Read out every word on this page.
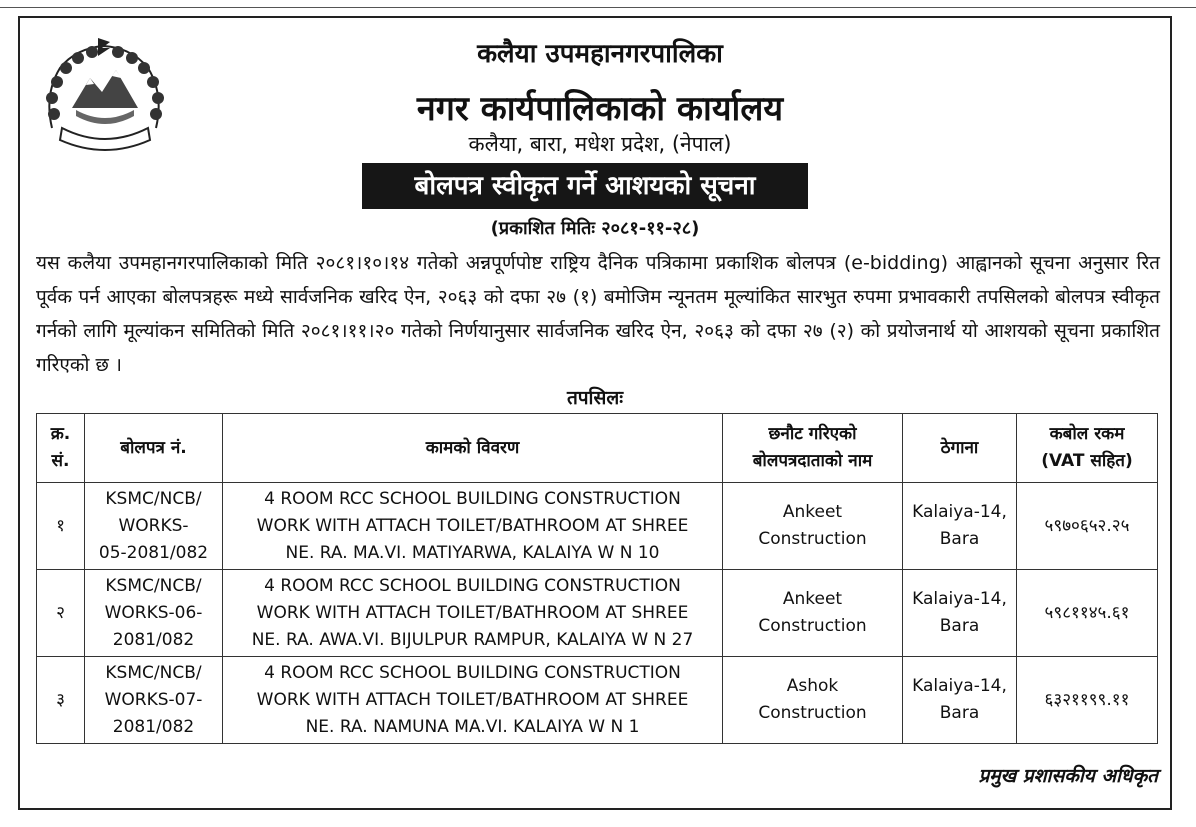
कलैया उपमहानगरपालिका
नगर कार्यपालिकाको कार्यालय
कलैया, बारा, मधेश प्रदेश, (नेपाल)
बोलपत्र स्वीकृत गर्ने आशयको सूचना
(प्रकाशित मितिः २०८१-११-२८)
यस कलैया उपमहानगरपालिकाको मिति २०८१।१०।१४ गतेको अन्नपूर्णपोष्ट राष्ट्रिय दैनिक पत्रिकामा प्रकाशिक बोलपत्र (e-bidding) आह्वानको सूचना अनुसार रित पूर्वक पर्न आएका बोलपत्रहरू मध्ये सार्वजनिक खरिद ऐन, २०६३ को दफा २७ (१) बमोजिम न्यूनतम मूल्यांकित सारभुत रुपमा प्रभावकारी तपसिलको बोलपत्र स्वीकृत गर्नको लागि मूल्यांकन समितिको मिति २०८१।११।२० गतेको निर्णयानुसार सार्वजनिक खरिद ऐन, २०६३ को दफा २७ (२) को प्रयोजनार्थ यो आशयको सूचना प्रकाशित गरिएको छ ।
तपसिलः
क्र.
सं.	बोलपत्र नं.	कामको विवरण	छनौट गरिएको
बोलपत्रदाताको नाम	ठेगाना	कबोल रकम
(VAT सहित)
१	KSMC/NCB/
WORKS-
05-2081/082	4 ROOM RCC SCHOOL BUILDING CONSTRUCTION
WORK WITH ATTACH TOILET/BATHROOM AT SHREE
NE. RA. MA.VI. MATIYARWA, KALAIYA W N 10	Ankeet
Construction	Kalaiya-14,
Bara	५९७०६५२.२५
२	KSMC/NCB/
WORKS-06-
2081/082	4 ROOM RCC SCHOOL BUILDING CONSTRUCTION
WORK WITH ATTACH TOILET/BATHROOM AT SHREE
NE. RA. AWA.VI. BIJULPUR RAMPUR, KALAIYA W N 27	Ankeet
Construction	Kalaiya-14,
Bara	५९८११४५.६१
३	KSMC/NCB/
WORKS-07-
2081/082	4 ROOM RCC SCHOOL BUILDING CONSTRUCTION
WORK WITH ATTACH TOILET/BATHROOM AT SHREE
NE. RA. NAMUNA MA.VI. KALAIYA W N 1	Ashok
Construction	Kalaiya-14,
Bara	६३२११९९.११
प्रमुख प्रशासकीय अधिकृत
